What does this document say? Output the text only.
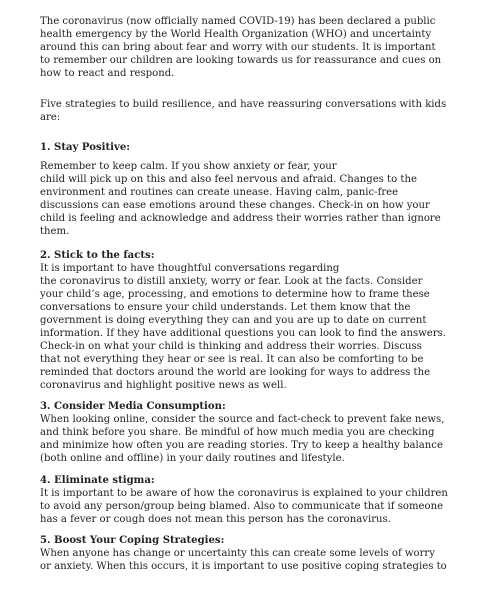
The coronavirus (now officially named COVID-19) has been declared a public
health emergency by the World Health Organization (WHO) and uncertainty
around this can bring about fear and worry with our students. It is important
to remember our children are looking towards us for reassurance and cues on
how to react and respond.
Five strategies to build resilience, and have reassuring conversations with kids
are:
1. Stay Positive:
Remember to keep calm. If you show anxiety or fear, your
child will pick up on this and also feel nervous and afraid. Changes to the
environment and routines can create unease. Having calm, panic-free
discussions can ease emotions around these changes. Check-in on how your
child is feeling and acknowledge and address their worries rather than ignore
them.
2. Stick to the facts:
It is important to have thoughtful conversations regarding
the coronavirus to distill anxiety, worry or fear. Look at the facts. Consider
your child’s age, processing, and emotions to determine how to frame these
conversations to ensure your child understands. Let them know that the
government is doing everything they can and you are up to date on current
information. If they have additional questions you can look to find the answers.
Check-in on what your child is thinking and address their worries. Discuss
that not everything they hear or see is real. It can also be comforting to be
reminded that doctors around the world are looking for ways to address the
coronavirus and highlight positive news as well.
3. Consider Media Consumption:
When looking online, consider the source and fact-check to prevent fake news,
and think before you share. Be mindful of how much media you are checking
and minimize how often you are reading stories. Try to keep a healthy balance
(both online and offline) in your daily routines and lifestyle.
4. Eliminate stigma:
It is important to be aware of how the coronavirus is explained to your children
to avoid any person/group being blamed. Also to communicate that if someone
has a fever or cough does not mean this person has the coronavirus.
5. Boost Your Coping Strategies:
When anyone has change or uncertainty this can create some levels of worry
or anxiety. When this occurs, it is important to use positive coping strategies to
